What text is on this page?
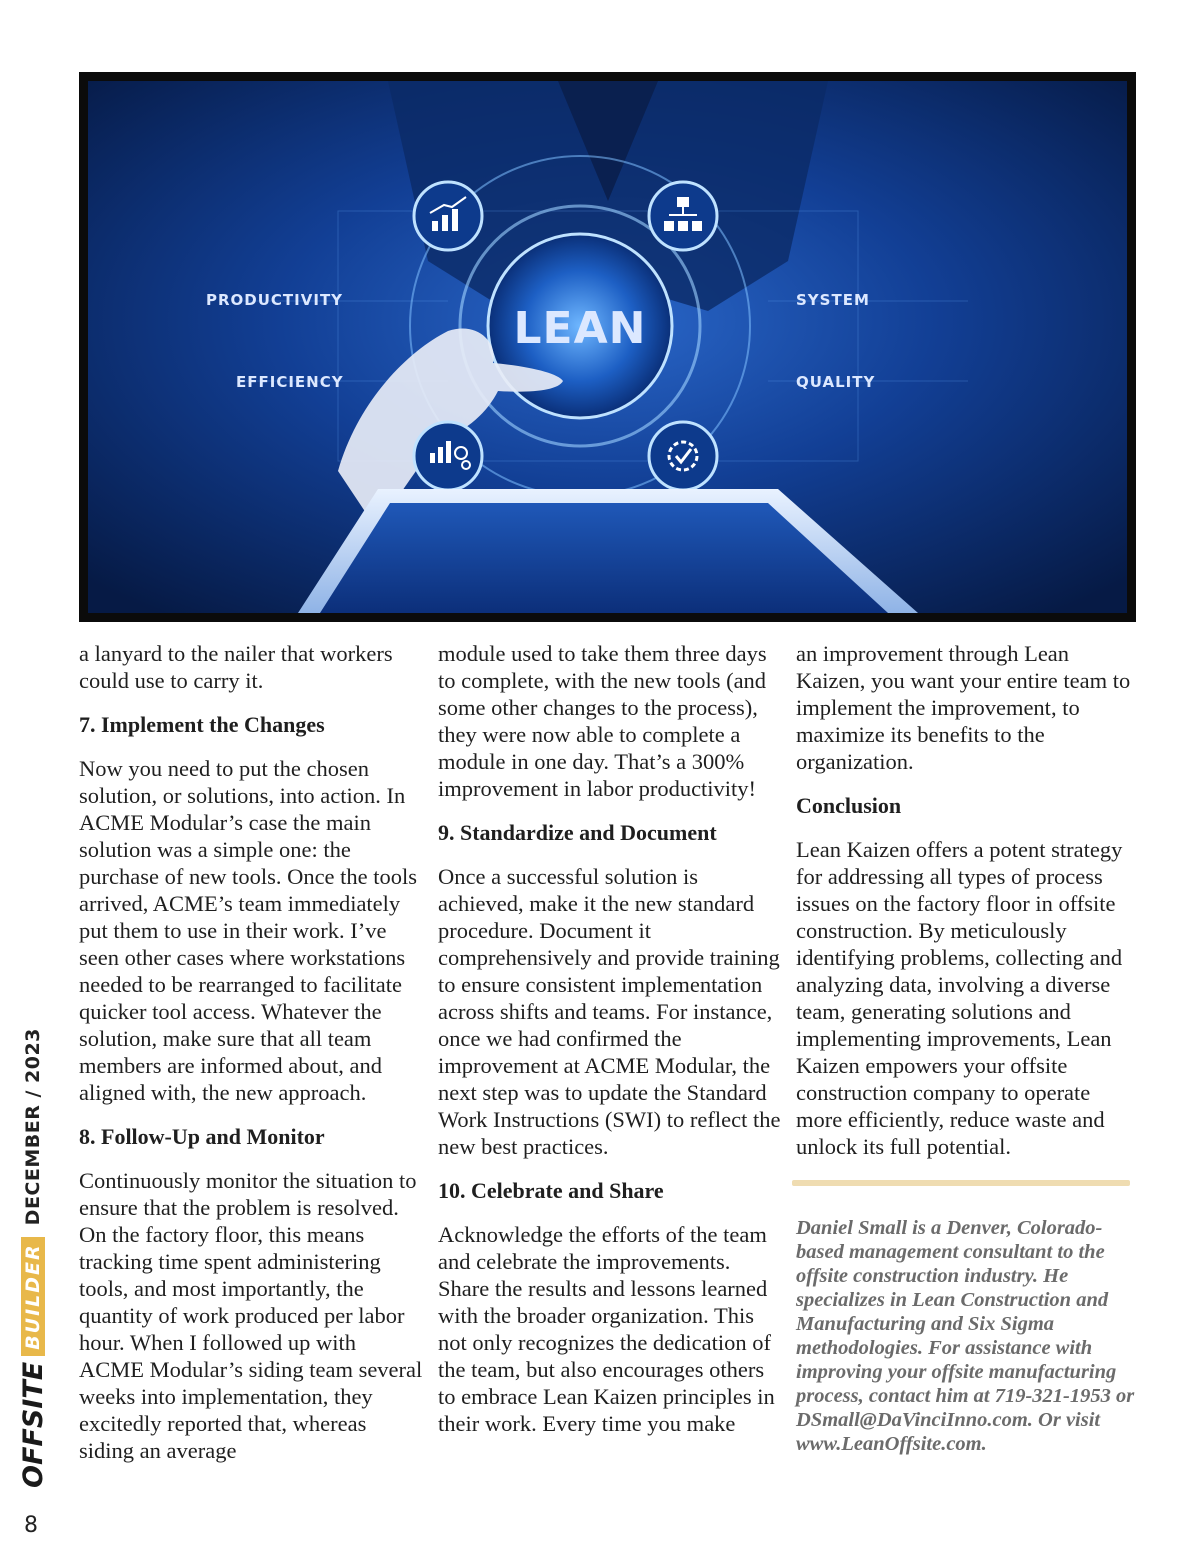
LEAN
PRODUCTIVITY
EFFICIENCY
SYSTEM
QUALITY

a lanyard to the nailer that workers could use to carry it.

7. Implement the Changes

Now you need to put the chosen solution, or solutions, into action. In ACME Modular’s case the main solution was a simple one: the purchase of new tools. Once the tools arrived, ACME’s team immediately put them to use in their work. I’ve seen other cases where workstations needed to be rearranged to facilitate quicker tool access. Whatever the solution, make sure that all team members are informed about, and aligned with, the new approach.

8. Follow-Up and Monitor

Continuously monitor the situation to ensure that the problem is resolved. On the factory floor, this means tracking time spent administering tools, and most importantly, the quantity of work produced per labor hour. When I followed up with ACME Modular’s siding team several weeks into implementation, they excitedly reported that, whereas siding an average

module used to take them three days to complete, with the new tools (and some other changes to the process), they were now able to complete a module in one day. That’s a 300% improvement in labor productivity!

9. Standardize and Document

Once a successful solution is achieved, make it the new standard procedure. Document it comprehensively and provide training to ensure consistent implementation across shifts and teams. For instance, once we had confirmed the improvement at ACME Modular, the next step was to update the Standard Work Instructions (SWI) to reflect the new best practices.

10. Celebrate and Share

Acknowledge the efforts of the team and celebrate the improvements. Share the results and lessons learned with the broader organization. This not only recognizes the dedication of the team, but also encourages others to embrace Lean Kaizen principles in their work. Every time you make

an improvement through Lean Kaizen, you want your entire team to implement the improvement, to maximize its benefits to the organization.

Conclusion

Lean Kaizen offers a potent strategy for addressing all types of process issues on the factory floor in offsite construction. By meticulously identifying problems, collecting and analyzing data, involving a diverse team, generating solutions and implementing improvements, Lean Kaizen empowers your offsite construction company to operate more efficiently, reduce waste and unlock its full potential.

Daniel Small is a Denver, Colorado-based management consultant to the offsite construction industry. He specializes in Lean Construction and Manufacturing and Six Sigma methodologies. For assistance with improving your offsite manufacturing process, contact him at 719-321-1953 or DSmall@DaVinciInno.com. Or visit www.LeanOffsite.com.

OFFSITE
BUILDER
DECEMBER / 2023
8
